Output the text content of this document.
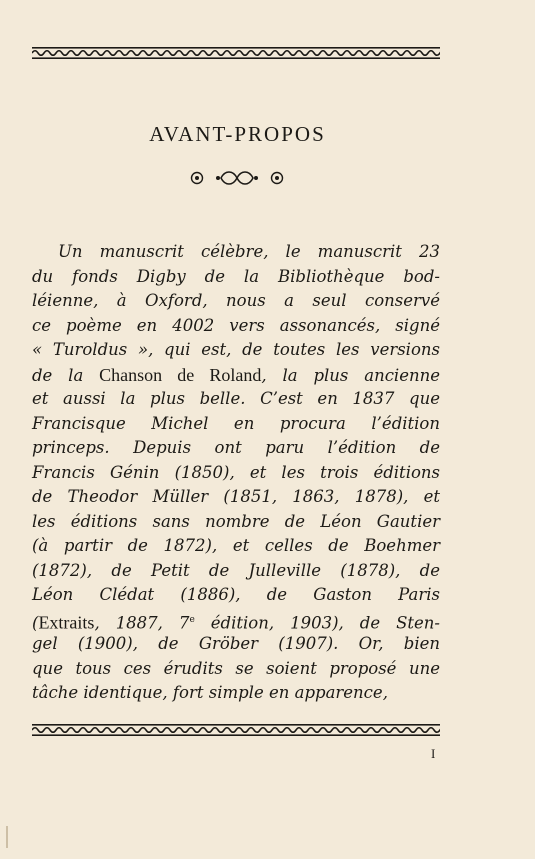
AVANT-PROPOS
Un manuscrit célèbre, le manuscrit 23
du fonds Digby de la Bibliothèque bod-
léienne, à Oxford, nous a seul conservé
ce poème en 4002 vers assonancés, signé
« Turoldus », qui est, de toutes les versions
de la Chanson de Roland, la plus ancienne
et aussi la plus belle. C’est en 1837 que
Francisque Michel en procura l’édition
princeps. Depuis ont paru l’édition de
Francis Génin (1850), et les trois éditions
de Theodor Müller (1851, 1863, 1878), et
les éditions sans nombre de Léon Gautier
(à partir de 1872), et celles de Boehmer
(1872), de Petit de Julleville (1878), de
Léon Clédat (1886), de Gaston Paris
(Extraits, 1887, 7e édition, 1903), de Sten-
gel (1900), de Gröber (1907). Or, bien
que tous ces érudits se soient proposé une
tâche identique, fort simple en apparence,
I
